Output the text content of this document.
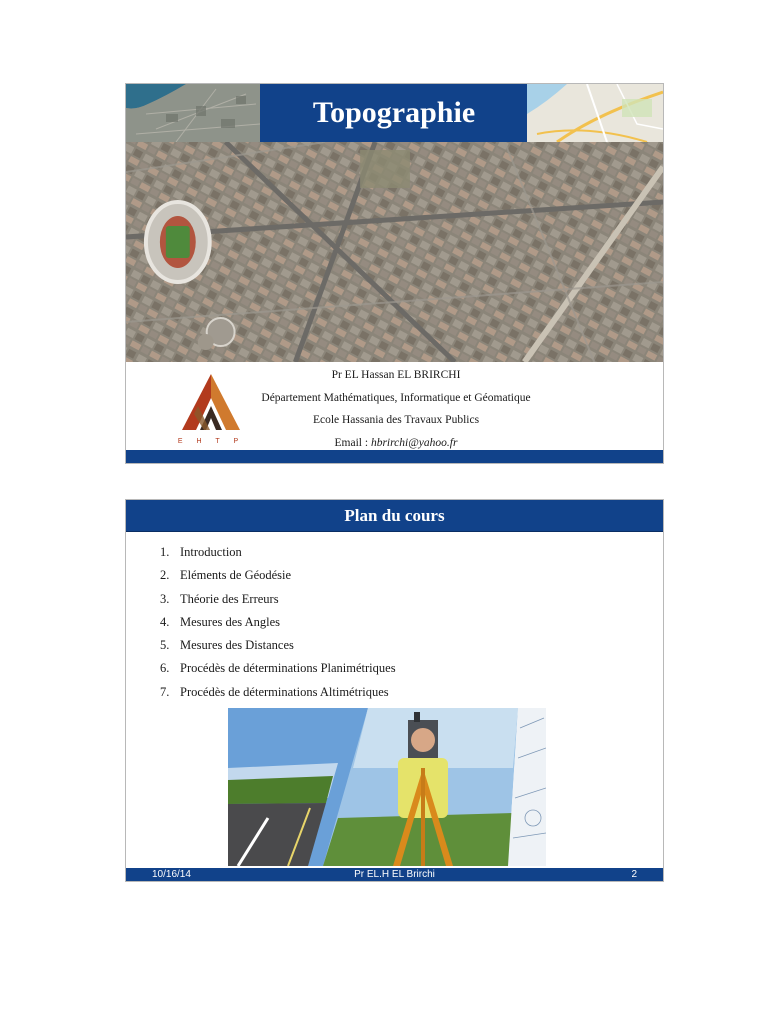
Topographie
E H T P
Pr EL Hassan EL BRIRCHI
Département Mathématiques, Informatique et Géomatique
Ecole Hassania des Travaux Publics
Email : hbrirchi@yahoo.fr
Plan du cours
1. Introduction
2. Eléments de Géodésie
3. Théorie des Erreurs
4. Mesures des Angles
5. Mesures des Distances
6. Procédès de déterminations Planimétriques
7. Procédès de déterminations Altimétriques
Pr EL.H EL Brirchi
10/16/14	2
